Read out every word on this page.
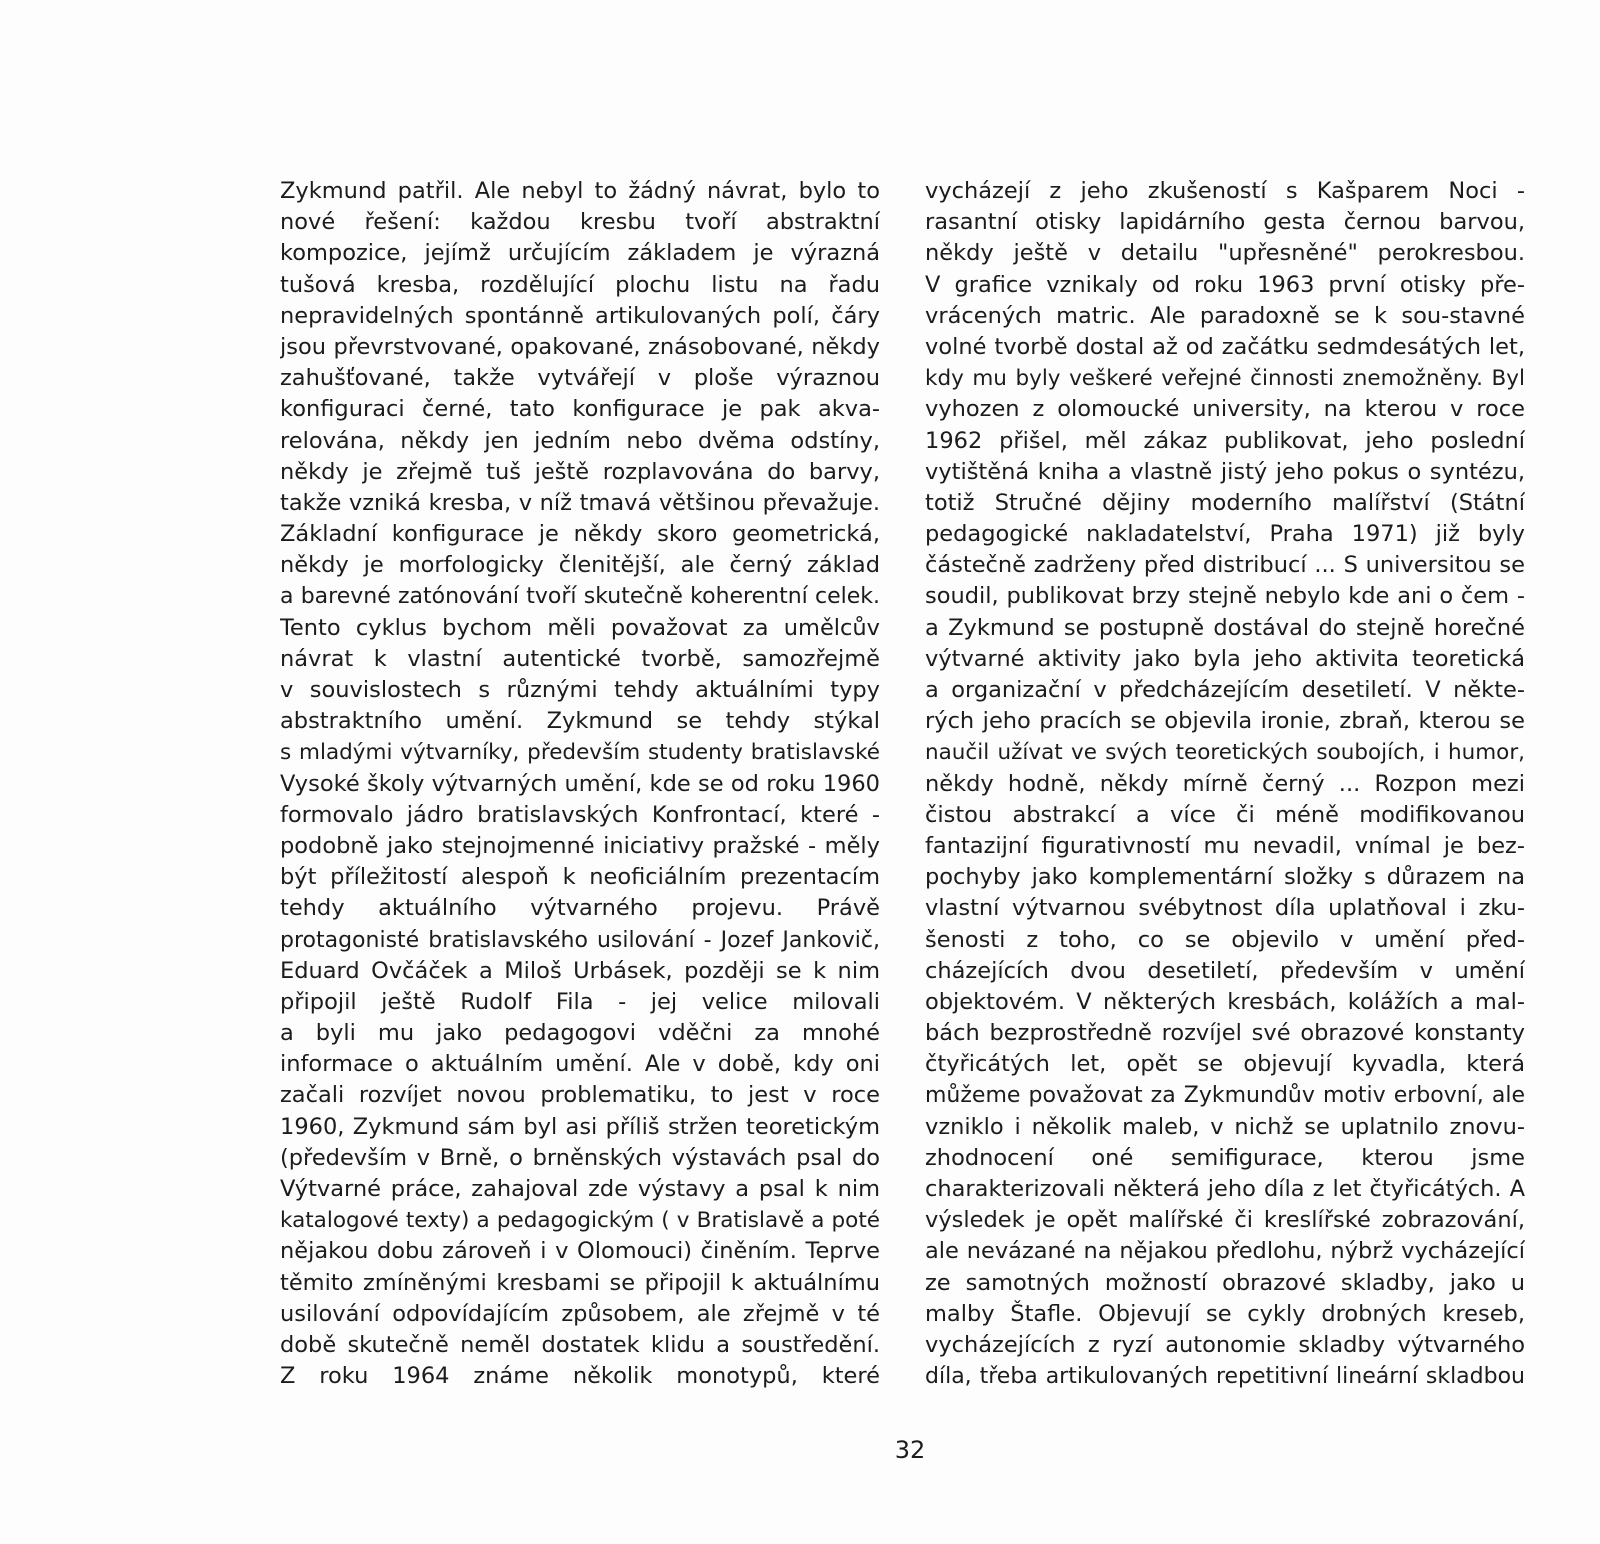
Zykmund patřil. Ale nebyl to žádný návrat, bylo to
nové řešení: každou kresbu tvoří abstraktní
kompozice, jejímž určujícím základem je výrazná
tušová kresba, rozdělující plochu listu na řadu
nepravidelných spontánně artikulovaných polí, čáry
jsou převrstvované, opakované, znásobované, někdy
zahušťované, takže vytvářejí v ploše výraznou
konfiguraci černé, tato konfigurace je pak akva-
relována, někdy jen jedním nebo dvěma odstíny,
někdy je zřejmě tuš ještě rozplavována do barvy,
takže vzniká kresba, v níž tmavá většinou převažuje.
Základní konfigurace je někdy skoro geometrická,
někdy je morfologicky členitější, ale černý základ
a barevné zatónování tvoří skutečně koherentní celek.
Tento cyklus bychom měli považovat za umělcův
návrat k vlastní autentické tvorbě, samozřejmě
v souvislostech s různými tehdy aktuálními typy
abstraktního umění. Zykmund se tehdy stýkal
s mladými výtvarníky, především studenty bratislavské
Vysoké školy výtvarných umění, kde se od roku 1960
formovalo jádro bratislavských Konfrontací, které -
podobně jako stejnojmenné iniciativy pražské - měly
být příležitostí alespoň k neoficiálním prezentacím
tehdy aktuálního výtvarného projevu. Právě
protagonisté bratislavského usilování - Jozef Jankovič,
Eduard Ovčáček a Miloš Urbásek, později se k nim
připojil ještě Rudolf Fila - jej velice milovali
a byli mu jako pedagogovi vděčni za mnohé
informace o aktuálním umění. Ale v době, kdy oni
začali rozvíjet novou problematiku, to jest v roce
1960, Zykmund sám byl asi příliš stržen teoretickým
(především v Brně, o brněnských výstavách psal do
Výtvarné práce, zahajoval zde výstavy a psal k nim
katalogové texty) a pedagogickým ( v Bratislavě a poté
nějakou dobu zároveň i v Olomouci) činěním. Teprve
těmito zmíněnými kresbami se připojil k aktuálnímu
usilování odpovídajícím způsobem, ale zřejmě v té
době skutečně neměl dostatek klidu a soustředění.
Z roku 1964 známe několik monotypů, které
vycházejí z jeho zkušeností s Kašparem Noci -
rasantní otisky lapidárního gesta černou barvou,
někdy ještě v detailu "upřesněné" perokresbou.
V grafice vznikaly od roku 1963 první otisky pře-
vrácených matric. Ale paradoxně se k sou-stavné
volné tvorbě dostal až od začátku sedmdesátých let,
kdy mu byly veškeré veřejné činnosti znemožněny. Byl
vyhozen z olomoucké university, na kterou v roce
1962 přišel, měl zákaz publikovat, jeho poslední
vytištěná kniha a vlastně jistý jeho pokus o syntézu,
totiž Stručné dějiny moderního malířství (Státní
pedagogické nakladatelství, Praha 1971) již byly
částečně zadrženy před distribucí ... S universitou se
soudil, publikovat brzy stejně nebylo kde ani o čem -
a Zykmund se postupně dostával do stejně horečné
výtvarné aktivity jako byla jeho aktivita teoretická
a organizační v předcházejícím desetiletí. V někte-
rých jeho pracích se objevila ironie, zbraň, kterou se
naučil užívat ve svých teoretických soubojích, i humor,
někdy hodně, někdy mírně černý ... Rozpon mezi
čistou abstrakcí a více či méně modifikovanou
fantazijní figurativností mu nevadil, vnímal je bez-
pochyby jako komplementární složky s důrazem na
vlastní výtvarnou svébytnost díla uplatňoval i zku-
šenosti z toho, co se objevilo v umění před-
cházejících dvou desetiletí, především v umění
objektovém. V některých kresbách, kolážích a mal-
bách bezprostředně rozvíjel své obrazové konstanty
čtyřicátých let, opět se objevují kyvadla, která
můžeme považovat za Zykmundův motiv erbovní, ale
vzniklo i několik maleb, v nichž se uplatnilo znovu-
zhodnocení oné semifigurace, kterou jsme
charakterizovali některá jeho díla z let čtyřicátých. A
výsledek je opět malířské či kreslířské zobrazování,
ale nevázané na nějakou předlohu, nýbrž vycházející
ze samotných možností obrazové skladby, jako u
malby Štafle. Objevují se cykly drobných kreseb,
vycházejících z ryzí autonomie skladby výtvarného
díla, třeba artikulovaných repetitivní lineární skladbou
32
